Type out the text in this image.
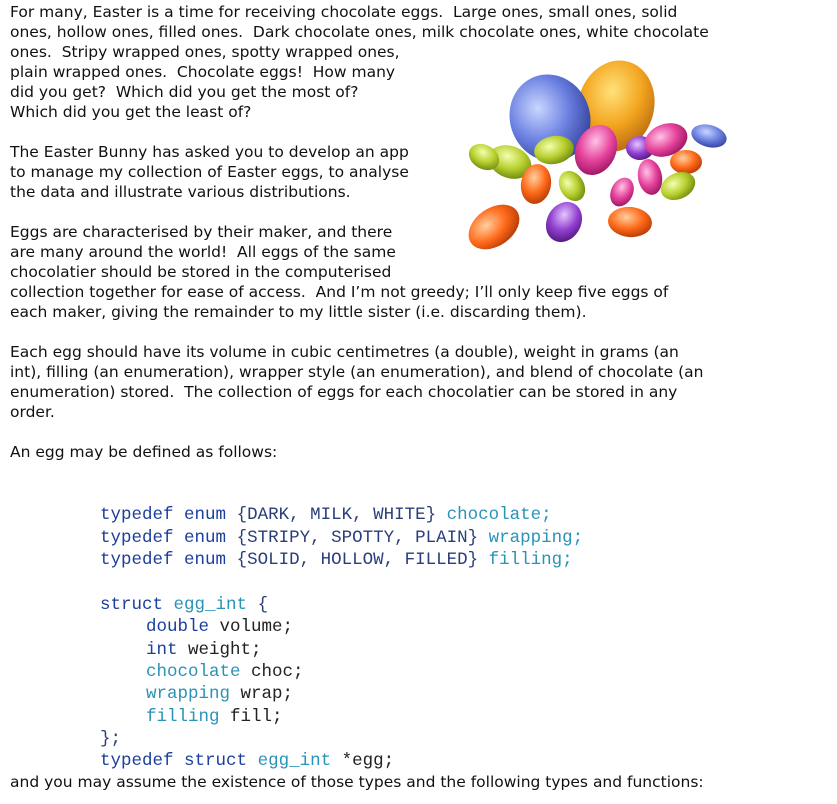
For many, Easter is a time for receiving chocolate eggs.  Large ones, small ones, solid
ones, hollow ones, filled ones.  Dark chocolate ones, milk chocolate ones, white chocolate
ones.  Stripy wrapped ones, spotty wrapped ones,
plain wrapped ones.  Chocolate eggs!  How many
did you get?  Which did you get the most of?
Which did you get the least of?
The Easter Bunny has asked you to develop an app
to manage my collection of Easter eggs, to analyse
the data and illustrate various distributions.
Eggs are characterised by their maker, and there
are many around the world!  All eggs of the same
chocolatier should be stored in the computerised
collection together for ease of access.  And I’m not greedy; I’ll only keep five eggs of
each maker, giving the remainder to my little sister (i.e. discarding them).
Each egg should have its volume in cubic centimetres (a double), weight in grams (an
int), filling (an enumeration), wrapper style (an enumeration), and blend of chocolate (an
enumeration) stored.  The collection of eggs for each chocolatier can be stored in any
order.
An egg may be defined as follows:

typedef enum {DARK, MILK, WHITE} chocolate;

typedef enum {STRIPY, SPOTTY, PLAIN} wrapping;

typedef enum {SOLID, HOLLOW, FILLED} filling;

struct egg_int {

double volume;

int weight;

chocolate choc;

wrapping wrap;

filling fill;

};

typedef struct egg_int *egg;

and you may assume the existence of those types and the following types and functions:
